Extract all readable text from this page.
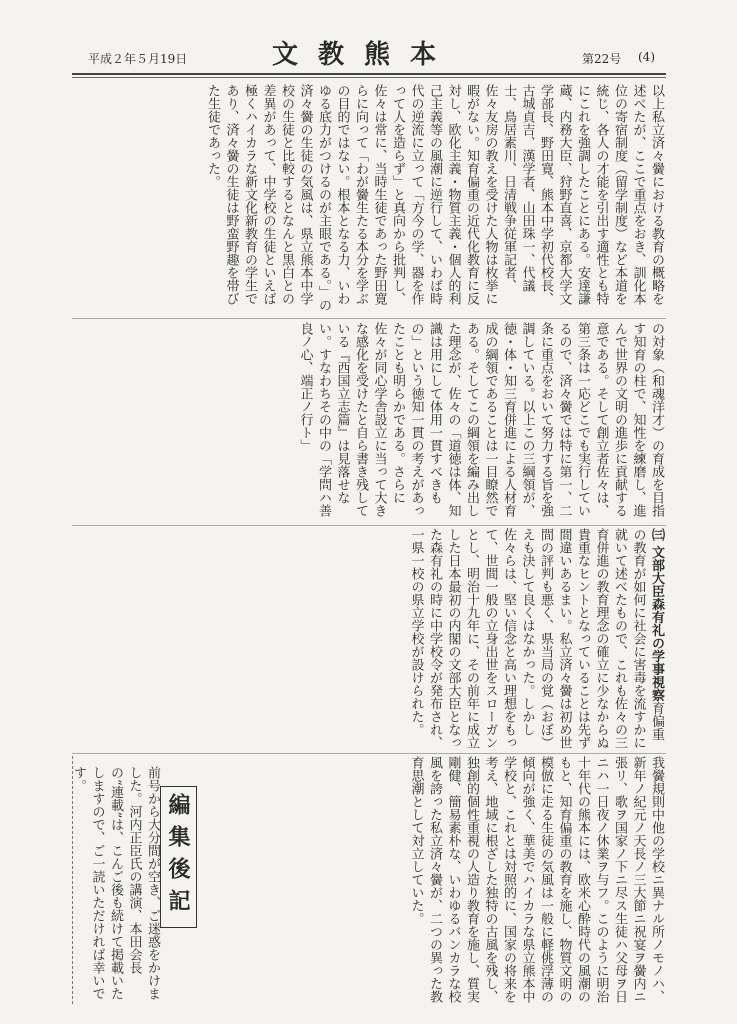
平成２年５月19日	文教熊本	第22号 (4)
以上私立済々黌における教育の概略を述べたが、ここで重点をおき、訓化本位の寄宿制度（留学制度）など本道を統じ、各人の才能を引出す適性とも特にこれを強調したことにある。安達謙蔵、内務大臣、狩野直喜、京都大学文学部長、野田寛、熊本中学初代校長、古城貞吉、漢学者、山田珠一、代議士、鳥居素川、日清戦争従軍記者、佐々友房の教えを受けた人物は枚挙に暇がない。知育偏重の近代化教育に反対し、欧化主義・物質主義・個人的利己主義等の風潮に逆行して、いわば時代の逆流に立って「方今の学、器を作って人を造らず」と真向から批判し、佐々は常に、当時生徒であった野田寛らに向って「わが黌生たる本分を学ぶの目的ではない。根本となる力、いわゆる底力がつけるのが主眼である。」の済々黌の生徒の気風は、県立熊本中学校の生徒と比較するとなんと黒白との差異があって、中学校の生徒といえば極くハイカラな新文化新教育の学生であり、済々黌の生徒は野蛮野趣を帯びた生徒であった。
の対象（和魂洋才）の育成を目指す知育の柱で、知性を練磨し、進んで世界の文明の進歩に貢献する意である。そして創立者佐々は、第三条は一応どこでも実行しているので、済々黌では特に第一、二条に重点をおいて努力する旨を強調している。以上この三綱領が、徳・体・知三育併進による人材育成の綱領であることは一目瞭然である。そしてこの綱領を編み出した理念が、佐々の「道徳は体、知識は用にして体用一貫すべきもの」という徳知一貫の考えがあったことも明らかである。さらに佐々が同心学舎設立に当って大きな感化を受けたと自ら書き残している『西国立志篇』は見落せない。すなわちその中の「学問ハ善良ノ心、端正ノ行ト」
㈢ 文部大臣森有礼の学事視察育偏重の教育が如何に社会に害毒を流すかに就いて述べたもので、これも佐々の三育併進の教育理念の確立に少なからぬ貴重なヒントとなっていることは先ず間違いあるまい。私立済々黌は初め世間の評判も悪く、県当局の覚（おぼ）えも決して良くはなかった。しかし佐々らは、堅い信念と高い理想をもって、世間一般の立身出世をスローガンとし、明治十九年に、その前年に成立した日本最初の内閣の文部大臣となった森有礼の時に中学校令が発布され、一県一校の県立学校が設けられた。
我黌規則中他の学校ニ異ナル所ノモノハ、新年ノ紀元ノ天長ノ三大節ニ祝宴ヲ黌内ニ張リ、歌ヲ国家ノ下ニ尽ス生徒ハ父母ヲ日ニハ一日夜ノ休業ヲ与フ。このように明治十年代の熊本には、欧米心酔時代の風潮のもと、知育偏重の教育を施し、物質文明の模倣に走る生徒の気風は一般に軽佻浮薄の傾向が強く、華美でハイカラな県立熊本中学校と、これとは対照的に、国家の将来を考え、地域に根ざした独特の古風を残し、独創的個性重視の人造り教育を施し、質実剛健、簡易素朴な、いわゆるバンカラな校風を誇った私立済々黌が、二つの異った教育思潮として対立していた。
編集後記
前号から大分間が空き、ご迷惑をかけました。河内正臣氏の講演、本田会長の“連載”は、こんご後も続けて掲載いたしますので、ご一読いただければ幸いです。
